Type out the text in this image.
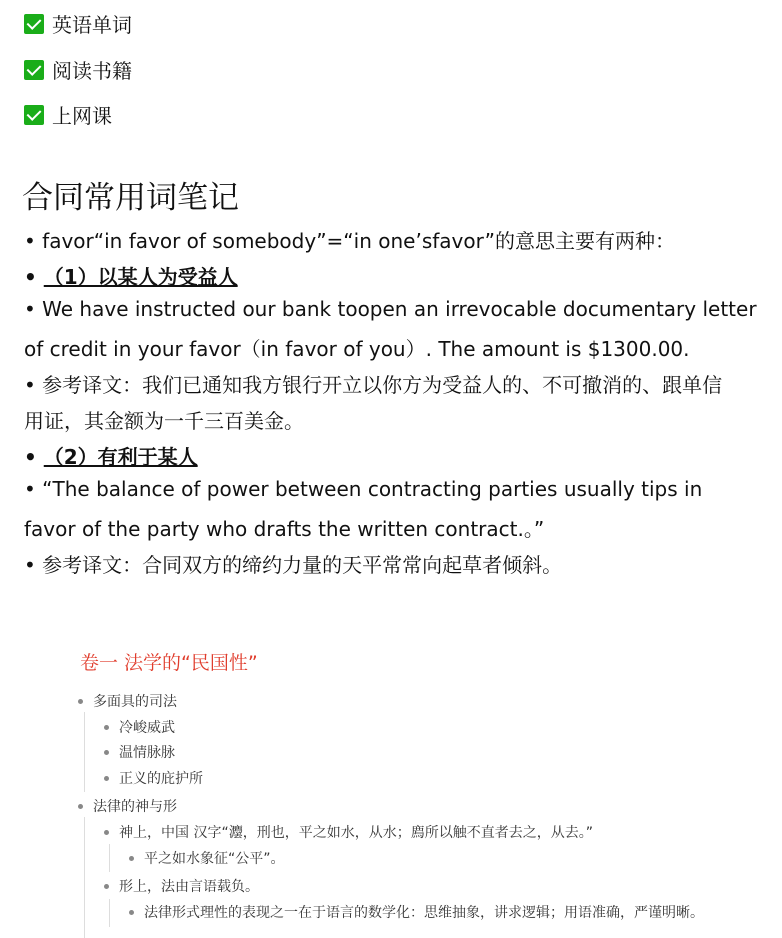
英语单词
阅读书籍
上网课
合同常用词笔记
• favor“in favor of somebody”=“in one’sfavor”的意思主要有两种：
• （1）以某人为受益人
• We have instructed our bank toopen an irrevocable documentary letter
of credit in your favor（in favor of you）. The amount is $1300.00.
• 参考译文：我们已通知我方银行开立以你方为受益人的、不可撤消的、跟单信
用证，其金额为一千三百美金。
• （2）有利于某人
• “The balance of power between contracting parties usually tips in
favor of the party who drafts the written contract.。”
• 参考译文：合同双方的缔约力量的天平常常向起草者倾斜。
卷一 法学的“民国性”
多面具的司法
冷峻威武
温情脉脉
正义的庇护所
法律的神与形
神上，中国 汉字“灋，刑也，平之如水，从水；廌所以触不直者去之，从去。”
平之如水象征“公平”。
形上，法由言语载负。
法律形式理性的表现之一在于语言的数学化：思维抽象，讲求逻辑；用语准确，严谨明晰。
